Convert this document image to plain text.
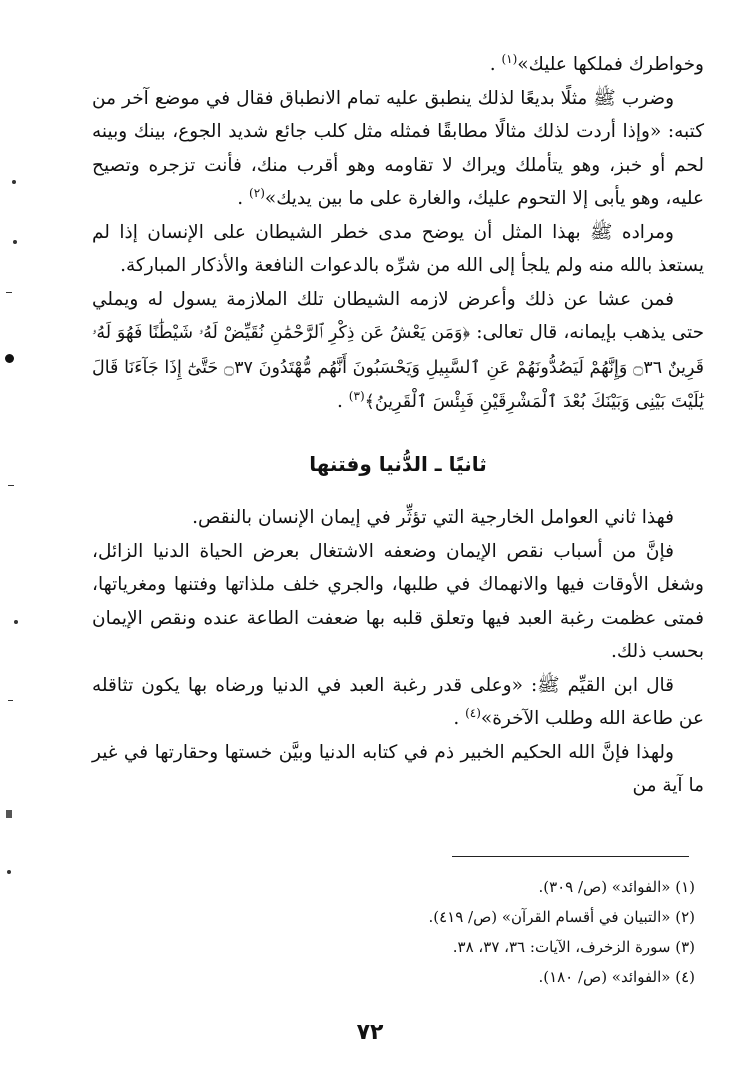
وخواطرك فملكها عليك»$^{(١)}$ .

وضرب ﷺ مثلًا بديعًا لذلك ينطبق عليه تمام الانطباق فقال في موضع آخر من كتبه: «وإذا أردت لذلك مثالًا مطابقًا فمثله مثل كلب جائع شديد الجوع، بينك وبينه لحم أو خبز، وهو يتأملك ويراك لا تقاومه وهو أقرب منك، فأنت تزجره وتصيح عليه، وهو يأبى إلا التحوم عليك، والغارة على ما بين يديك»$^{(٢)}$ .

ومراده ﷺ بهذا المثل أن يوضح مدى خطر الشيطان على الإنسان إذا لم يستعذ بالله منه ولم يلجأ إلى الله من شرِّه بالدعوات النافعة والأذكار المباركة.

فمن عشا عن ذلك وأعرض لازمه الشيطان تلك الملازمة يسول له ويملي حتى يذهب بإيمانه، قال تعالى: ﴿وَمَن يَعْشُ عَن ذِكْرِ ٱلرَّحْمَٰنِ نُقَيِّضْ لَهُۥ شَيْطَٰنًا فَهُوَ لَهُۥ قَرِينٌ ۝٣٦ وَإِنَّهُمْ لَيَصُدُّونَهُمْ عَنِ ٱلسَّبِيلِ وَيَحْسَبُونَ أَنَّهُم مُّهْتَدُونَ ۝٣٧ حَتَّىٰٓ إِذَا جَآءَنَا قَالَ يَٰلَيْتَ بَيْنِى وَبَيْنَكَ بُعْدَ ٱلْمَشْرِقَيْنِ فَبِئْسَ ٱلْقَرِينُ﴾$^{(٣)}$ .

ثانيًا ـ الدُّنيا وفتنها

فهذا ثاني العوامل الخارجية التي تؤثِّر في إيمان الإنسان بالنقص.

فإنَّ من أسباب نقص الإيمان وضعفه الاشتغال بعرض الحياة الدنيا الزائل، وشغل الأوقات فيها والانهماك في طلبها، والجري خلف ملذاتها وفتنها ومغرياتها، فمتى عظمت رغبة العبد فيها وتعلق قلبه بها ضعفت الطاعة عنده ونقص الإيمان بحسب ذلك.

قال ابن القيِّم ﷺ: «وعلى قدر رغبة العبد في الدنيا ورضاه بها يكون تثاقله عن طاعة الله وطلب الآخرة»$^{(٤)}$ .

ولهذا فإنَّ الله الحكيم الخبير ذم في كتابه الدنيا وبيَّن خستها وحقارتها في غير ما آية من

(١) «الفوائد» (ص/ ٣٠٩).
(٢) «التبيان في أقسام القرآن» (ص/ ٤١٩).
(٣) سورة الزخرف، الآيات: ٣٦، ٣٧، ٣٨.
(٤) «الفوائد» (ص/ ١٨٠).
٧٢
